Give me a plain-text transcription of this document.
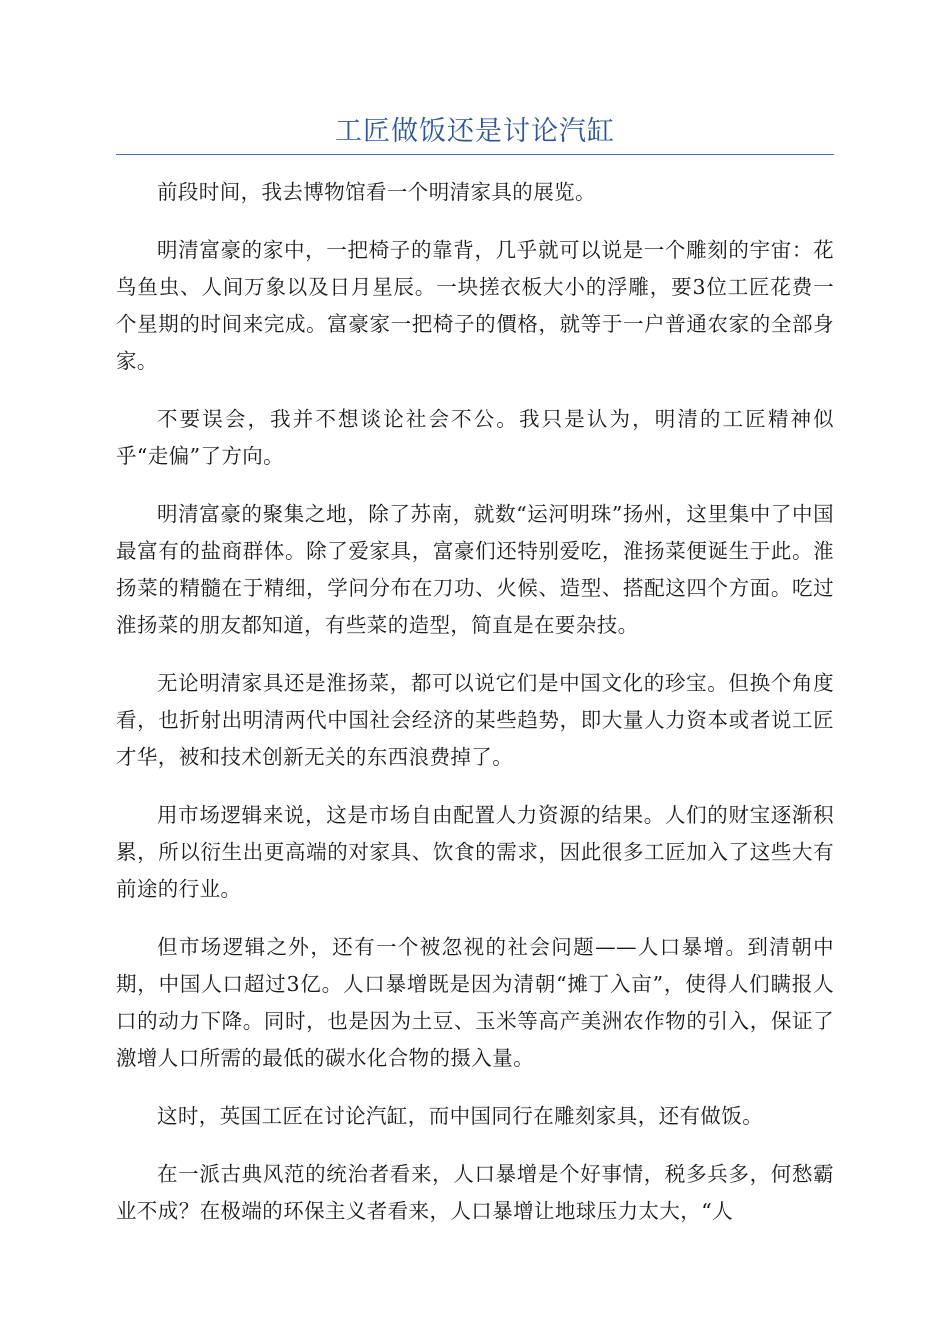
工匠做饭还是讨论汽缸

前段时间，我去博物馆看一个明清家具的展览。

明清富豪的家中，一把椅子的靠背，几乎就可以说是一个雕刻的宇宙：花鸟鱼虫、人间万象以及日月星辰。一块搓衣板大小的浮雕，要3位工匠花费一个星期的时间来完成。富豪家一把椅子的價格，就等于一户普通农家的全部身家。

不要误会，我并不想谈论社会不公。我只是认为，明清的工匠精神似乎“走偏”了方向。

明清富豪的聚集之地，除了苏南，就数“运河明珠”扬州，这里集中了中国最富有的盐商群体。除了爱家具，富豪们还特别爱吃，淮扬菜便诞生于此。淮扬菜的精髓在于精细，学问分布在刀功、火候、造型、搭配这四个方面。吃过淮扬菜的朋友都知道，有些菜的造型，简直是在要杂技。

无论明清家具还是淮扬菜，都可以说它们是中国文化的珍宝。但换个角度看，也折射出明清两代中国社会经济的某些趋势，即大量人力资本或者说工匠才华，被和技术创新无关的东西浪费掉了。

用市场逻辑来说，这是市场自由配置人力资源的结果。人们的财宝逐渐积累，所以衍生出更高端的对家具、饮食的需求，因此很多工匠加入了这些大有前途的行业。

但市场逻辑之外，还有一个被忽视的社会问题——人口暴增。到清朝中期，中国人口超过3亿。人口暴增既是因为清朝“摊丁入亩”，使得人们瞒报人口的动力下降。同时，也是因为土豆、玉米等高产美洲农作物的引入，保证了激增人口所需的最低的碳水化合物的摄入量。

这时，英国工匠在讨论汽缸，而中国同行在雕刻家具，还有做饭。

在一派古典风范的统治者看来，人口暴增是个好事情，税多兵多，何愁霸业不成？在极端的环保主义者看来，人口暴增让地球压力太大，“人
